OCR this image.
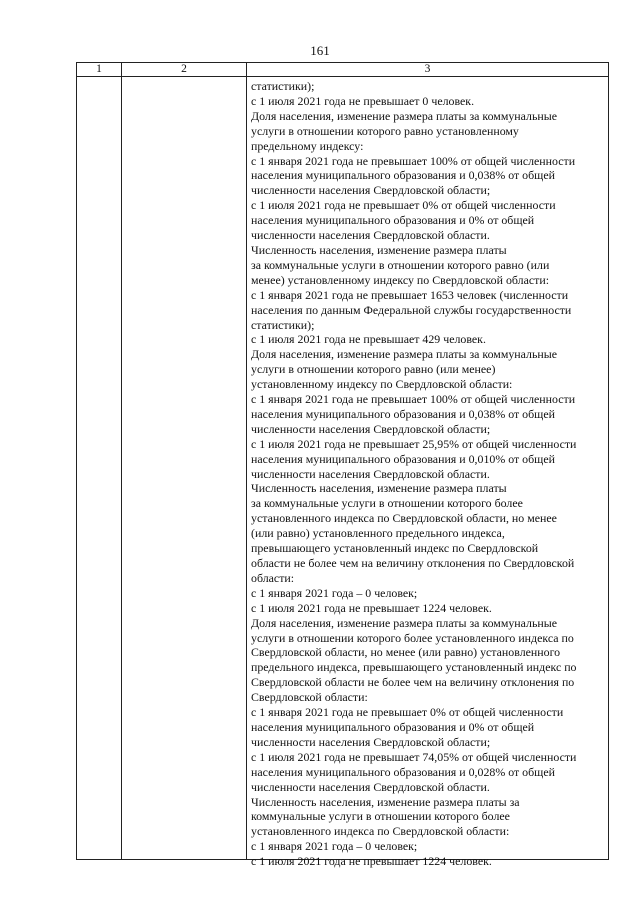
161
1	2	3
статистики);
с 1 июля 2021 года не превышает 0 человек.
Доля населения, изменение размера платы за коммунальные
услуги в отношении которого равно установленному
предельному индексу:
с 1 января 2021 года не превышает 100% от общей численности
населения муниципального образования и 0,038% от общей
численности населения Свердловской области;
с 1 июля 2021 года не превышает 0% от общей численности
населения муниципального образования и 0% от общей
численности населения Свердловской области.
Численность населения, изменение размера платы
за коммунальные услуги в отношении которого равно (или
менее) установленному индексу по Свердловской области:
с 1 января 2021 года не превышает 1653 человек (численности
населения по данным Федеральной службы государственности
статистики);
с 1 июля 2021 года не превышает 429 человек.
Доля населения, изменение размера платы за коммунальные
услуги в отношении которого равно (или менее)
установленному индексу по Свердловской области:
с 1 января 2021 года не превышает 100% от общей численности
населения муниципального образования и 0,038% от общей
численности населения Свердловской области;
с 1 июля 2021 года не превышает 25,95% от общей численности
населения муниципального образования и 0,010% от общей
численности населения Свердловской области.
Численность населения, изменение размера платы
за коммунальные услуги в отношении которого более
установленного индекса по Свердловской области, но менее
(или равно) установленного предельного индекса,
превышающего установленный индекс по Свердловской
области не более чем на величину отклонения по Свердловской
области:
с 1 января 2021 года – 0 человек;
с 1 июля 2021 года не превышает 1224 человек.
Доля населения, изменение размера платы за коммунальные
услуги в отношении которого более установленного индекса по
Свердловской области, но менее (или равно) установленного
предельного индекса, превышающего установленный индекс по
Свердловской области не более чем на величину отклонения по
Свердловской области:
с 1 января 2021 года не превышает 0% от общей численности
населения муниципального образования и 0% от общей
численности населения Свердловской области;
с 1 июля 2021 года не превышает 74,05% от общей численности
населения муниципального образования и 0,028% от общей
численности населения Свердловской области.
Численность населения, изменение размера платы за
коммунальные услуги в отношении которого более
установленного индекса по Свердловской области:
с 1 января 2021 года – 0 человек;
с 1 июля 2021 года не превышает 1224 человек.
